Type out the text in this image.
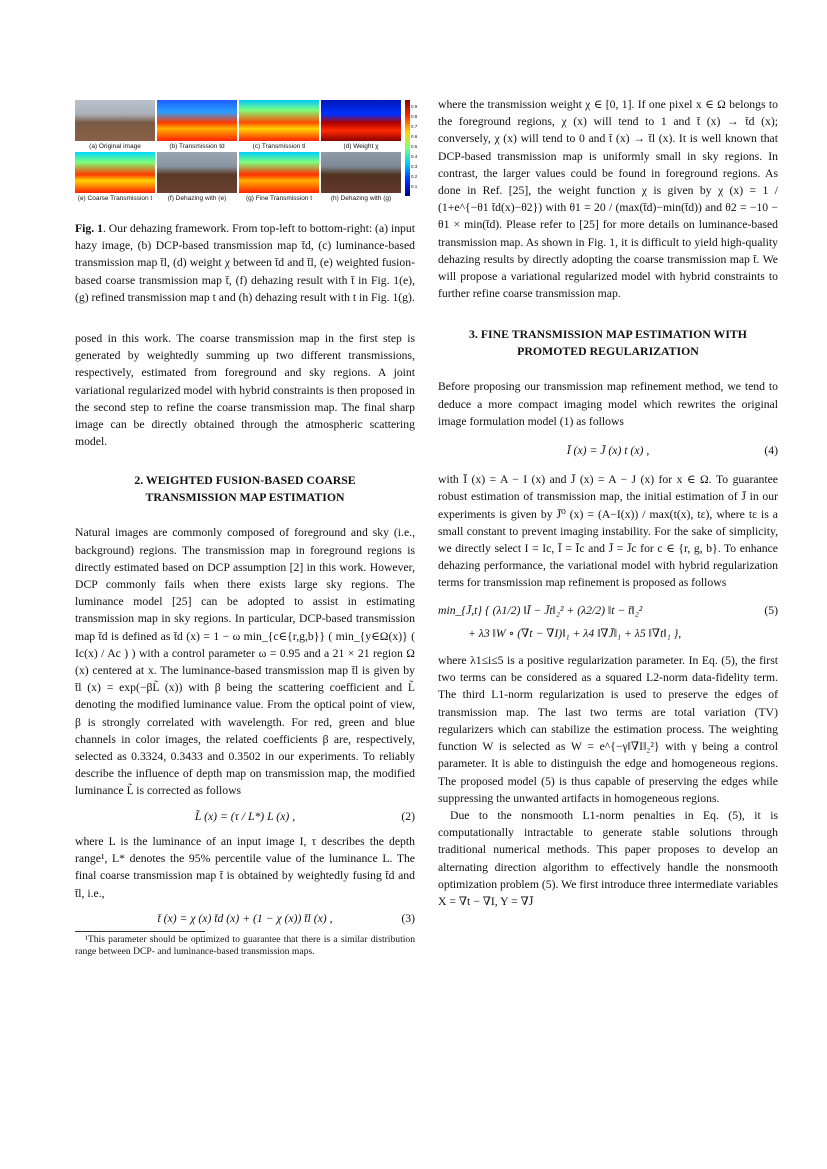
(a) Original image	(b) Transmission t̄d	(c) Transmission t̄l	(d) Weight χ
(e) Coarse Transmission t̄	(f) Dehazing with (e)	(g) Fine Transmission t	(h) Dehazing with (g)
0.9
0.8
0.7
0.6
0.5
0.4
0.3
0.2
0.1

Fig. 1. Our dehazing framework. From top-left to bottom-right: (a) input hazy image, (b) DCP-based transmission map t̄d, (c) luminance-based transmission map t̄l, (d) weight χ between t̄d and t̄l, (e) weighted fusion-based coarse transmission map t̄, (f) dehazing result with t̄ in Fig. 1(e), (g) refined transmission map t and (h) dehazing result with t in Fig. 1(g).

posed in this work. The coarse transmission map in the first step is generated by weightedly summing up two different transmissions, respectively, estimated from foreground and sky regions. A joint variational regularized model with hybrid constraints is then proposed in the second step to refine the coarse transmission map. The final sharp image can be directly obtained through the atmospheric scattering model.

2. WEIGHTED FUSION-BASED COARSE

TRANSMISSION MAP ESTIMATION

Natural images are commonly composed of foreground and sky (i.e., background) regions. The transmission map in foreground regions is directly estimated based on DCP assumption [2] in this work. However, DCP commonly fails when there exists large sky regions. The luminance model [25] can be adopted to assist in estimating transmission map in sky regions. In particular, DCP-based transmission map t̄d is defined as t̄d (x) = 1 − ω min_{c∈{r,g,b}} ( min_{y∈Ω(x)} ( Ic(x) / Ac ) ) with a control parameter ω = 0.95 and a 21 × 21 region Ω (x) centered at x. The luminance-based transmission map t̄l is given by t̄l (x) = exp(−βL̃ (x)) with β being the scattering coefficient and L̃ denoting the modified luminance value. From the optical point of view, β is strongly correlated with wavelength. For red, green and blue channels in color images, the related coefficients β are, respectively, selected as 0.3324, 0.3433 and 0.3502 in our experiments. To reliably describe the influence of depth map on transmission map, the modified luminance L̃ is corrected as follows

L̃ (x) = (τ / L*) L (x) ,	(2)

where L is the luminance of an input image I, τ describes the depth range¹, L* denotes the 95% percentile value of the luminance L. The final coarse transmission map t̄ is obtained by weightedly fusing t̄d and t̄l, i.e.,

t̄ (x) = χ (x) t̄d (x) + (1 − χ (x)) t̄l (x) ,	(3)

¹This parameter should be optimized to guarantee that there is a similar distribution range between DCP- and luminance-based transmission maps.

where the transmission weight χ ∈ [0, 1]. If one pixel x ∈ Ω belongs to the foreground regions, χ (x) will tend to 1 and t̄ (x) → t̄d (x); conversely, χ (x) will tend to 0 and t̄ (x) → t̄l (x). It is well known that DCP-based transmission map is uniformly small in sky regions. In contrast, the larger values could be found in foreground regions. As done in Ref. [25], the weight function χ is given by χ (x) = 1 / (1+e^{−θ1 t̄d(x)−θ2}) with θ1 = 20 / (max(t̄d)−min(t̄d)) and θ2 = −10 − θ1 × min(t̄d). Please refer to [25] for more details on luminance-based transmission map. As shown in Fig. 1, it is difficult to yield high-quality dehazing results by directly adopting the coarse transmission map t̄. We will propose a variational regularized model with hybrid constraints to further refine coarse transmission map.

3. FINE TRANSMISSION MAP ESTIMATION WITH

PROMOTED REGULARIZATION

Before proposing our transmission map refinement method, we tend to deduce a more compact imaging model which rewrites the original image formulation model (1) as follows

Ī (x) = J̄ (x) t (x) ,	(4)

with Ī (x) = A − I (x) and J̄ (x) = A − J (x) for x ∈ Ω. To guarantee robust estimation of transmission map, the initial estimation of J̄ in our experiments is given by J̄⁰ (x) = (A−I(x)) / max(t(x), tε), where tε is a small constant to prevent imaging instability. For the sake of simplicity, we directly select I = Ic, Ī = Īc and J̄ = J̄c for c ∈ {r, g, b}. To enhance dehazing performance, the variational model with hybrid regularization terms for transmission map refinement is proposed as follows

min_{J̄,t} { (λ1/2) ‖Ī − J̄t‖₂² + (λ2/2) ‖t − t̄‖₂²	(5)
+ λ3 ‖W ∘ (∇t − ∇I)‖₁ + λ4 ‖∇J̄‖₁ + λ5 ‖∇t‖₁ },

where λ1≤i≤5 is a positive regularization parameter. In Eq. (5), the first two terms can be considered as a squared L2-norm data-fidelity term. The third L1-norm regularization is used to preserve the edges of transmission map. The last two terms are total variation (TV) regularizers which can stabilize the estimation process. The weighting function W is selected as W = e^{−γ‖∇I‖₂²} with γ being a control parameter. It is able to distinguish the edge and homogeneous regions. The proposed model (5) is thus capable of preserving the edges while suppressing the unwanted artifacts in homogeneous regions.

Due to the nonsmooth L1-norm penalties in Eq. (5), it is computationally intractable to generate stable solutions through traditional numerical methods. This paper proposes to develop an alternating direction algorithm to effectively handle the nonsmooth optimization problem (5). We first introduce three intermediate variables X = ∇t − ∇I, Y = ∇J̄
